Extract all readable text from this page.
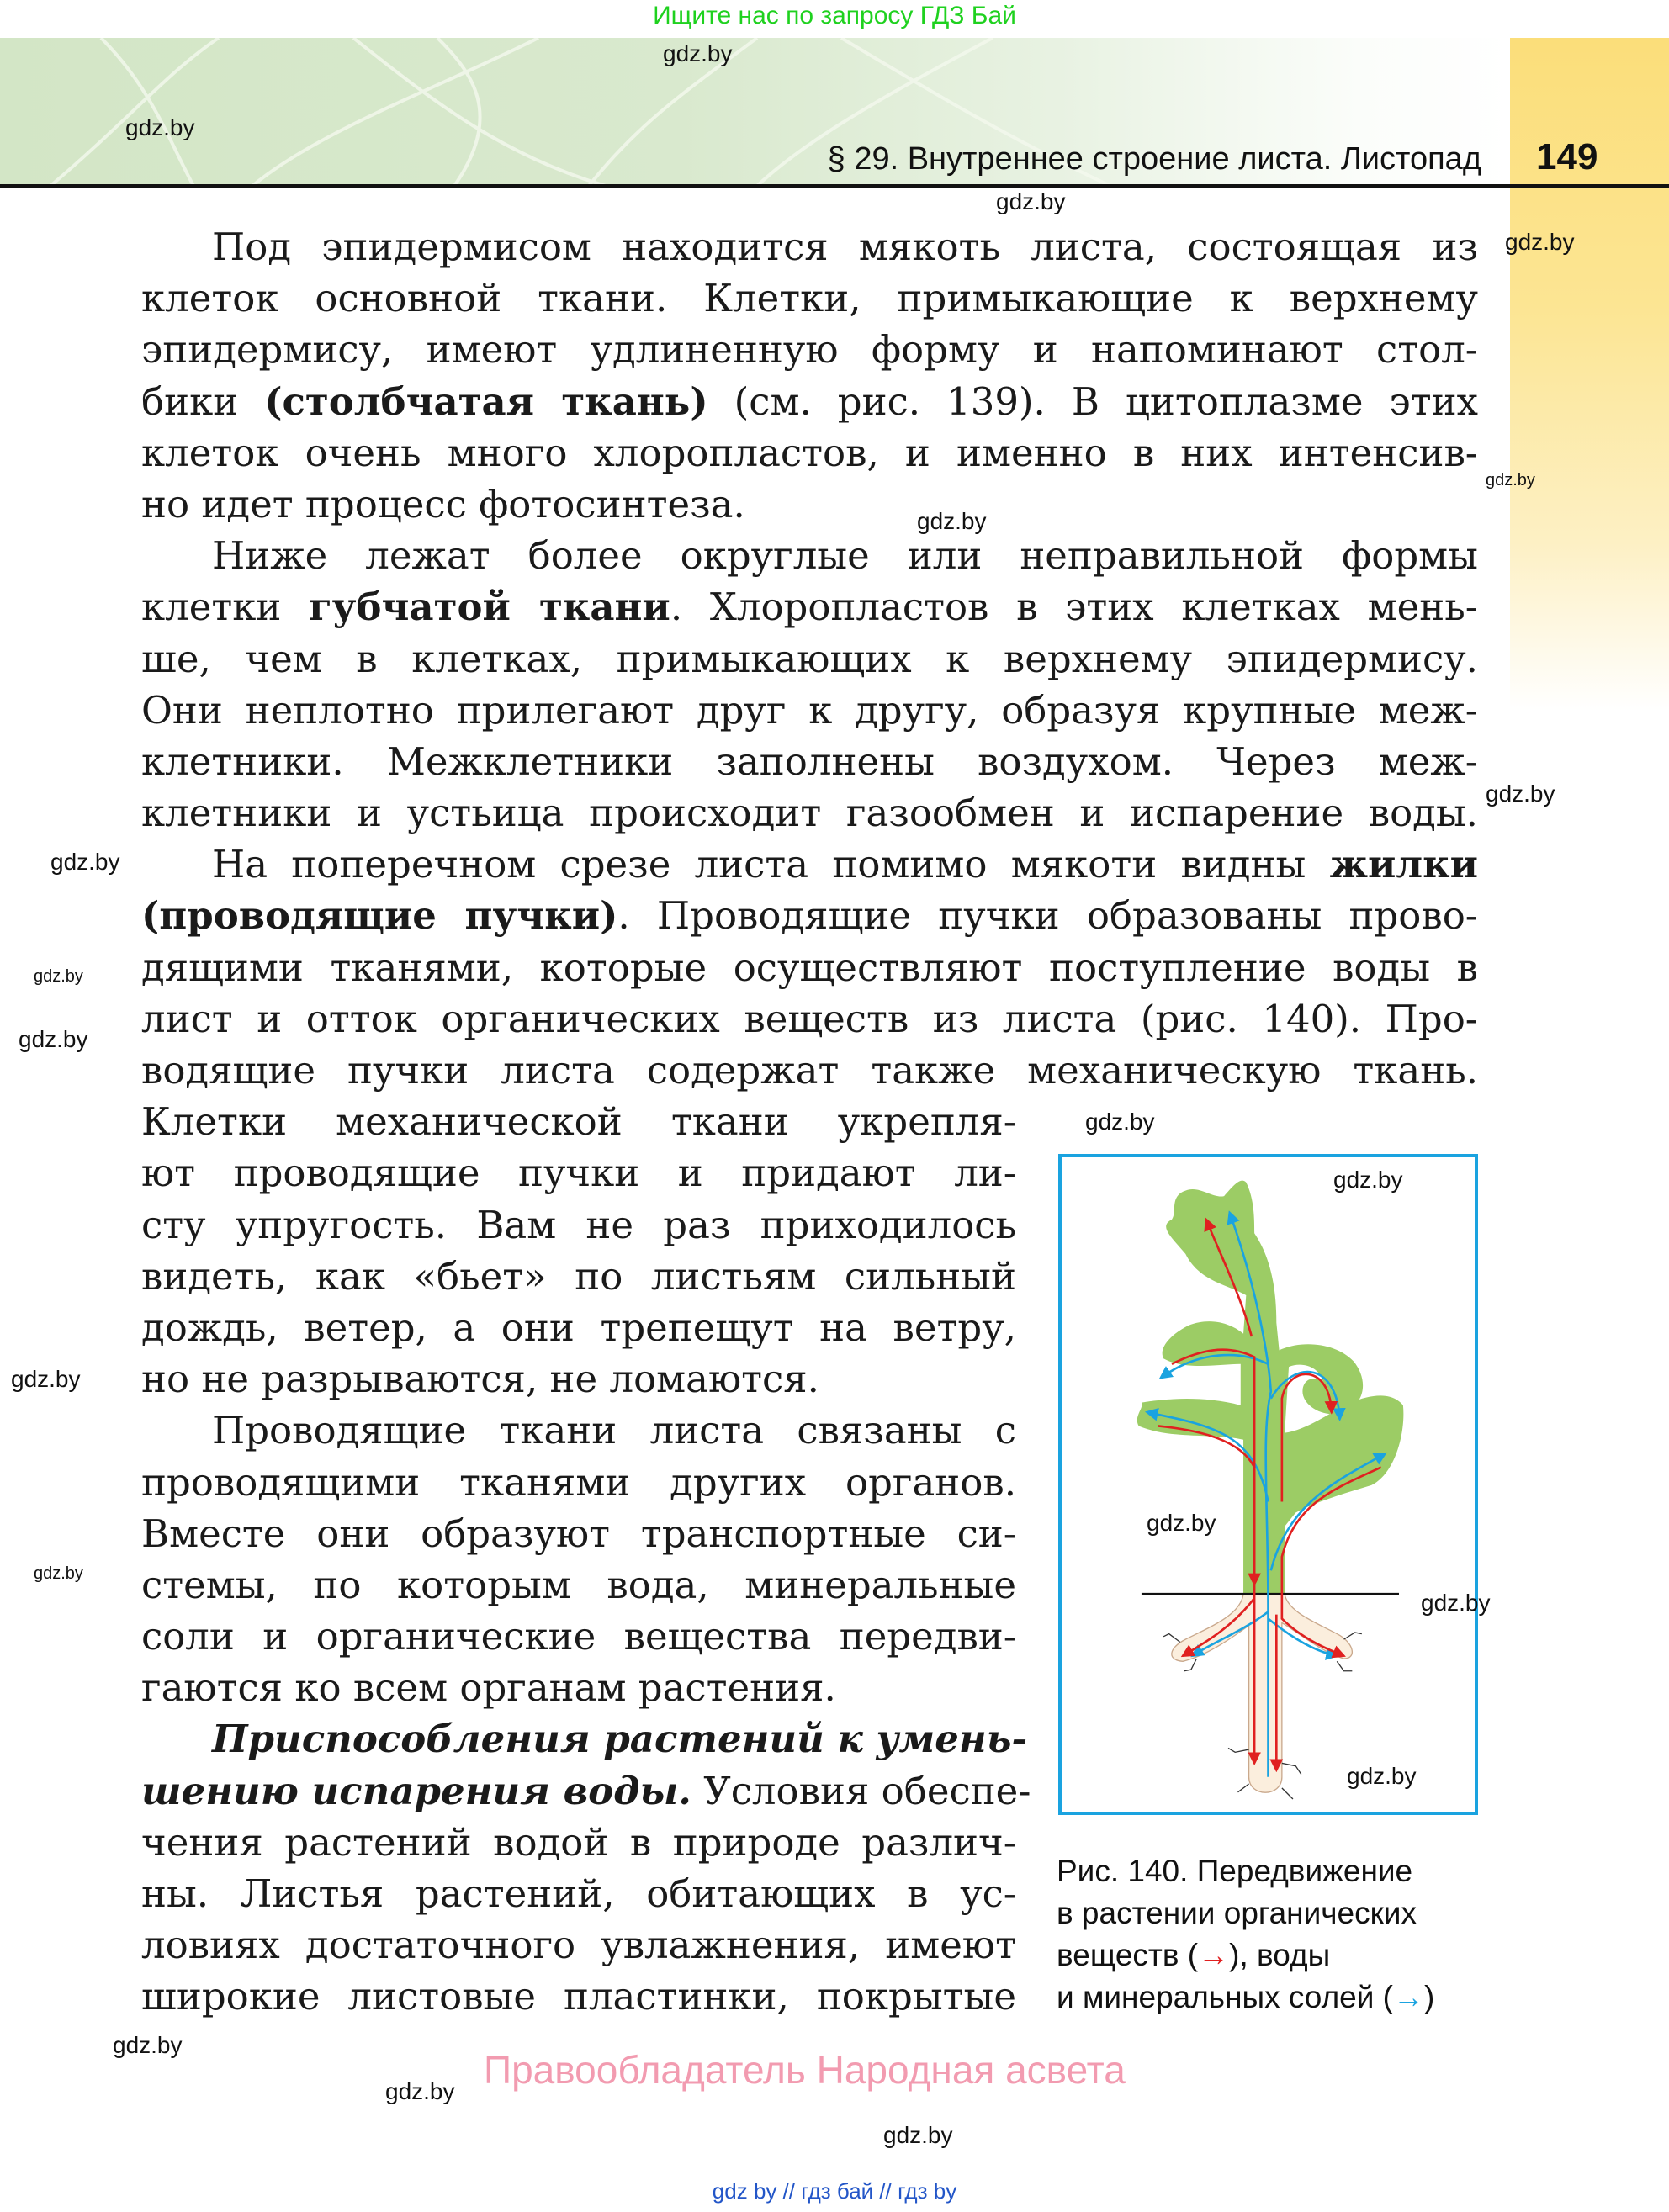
Ищите нас по запросу ГДЗ Бай
§ 29. Внутреннее строение листа. Листопад 149
Под эпидермисом находится мякоть листа, состоящая из
клеток основной ткани. Клетки, примыкающие к верхнему
эпидермису, имеют удлиненную форму и напоминают стол-
бики (столбчатая ткань) (см. рис. 139). В цитоплазме этих
клеток очень много хлоропластов, и именно в них интенсив-
но идет процесс фотосинтеза.
Ниже лежат более округлые или неправильной формы
клетки губчатой ткани. Хлоропластов в этих клетках мень-
ше, чем в клетках, примыкающих к верхнему эпидермису.
Они неплотно прилегают друг к другу, образуя крупные меж-
клетники. Межклетники заполнены воздухом. Через меж-
клетники и устьица происходит газообмен и испарение воды.
На поперечном срезе листа помимо мякоти видны жилки
(проводящие пучки). Проводящие пучки образованы прово-
дящими тканями, которые осуществляют поступление воды в
лист и отток органических веществ из листа (рис. 140). Про-
водящие пучки листа содержат также механическую ткань.
Клетки механической ткани укрепля-
ют проводящие пучки и придают ли-
сту упругость. Вам не раз приходилось
видеть, как «бьет» по листьям сильный
дождь, ветер, а они трепещут на ветру,
но не разрываются, не ломаются.
Проводящие ткани листа связаны с
проводящими тканями других органов.
Вместе они образуют транспортные си-
стемы, по которым вода, минеральные
соли и органические вещества передви-
гаются ко всем органам растения.
Приспособления растений к умень-
шению испарения воды. Условия обеспе-
чения растений водой в природе различ-
ны. Листья растений, обитающих в ус-
ловиях достаточного увлажнения, имеют
широкие листовые пластинки, покрытые
Рис. 140. Передвижение
в растении органических
веществ (→), воды
и минеральных солей (→)
Правообладатель Народная асвета
gdz by // гдз бай // гдз by
gdz.by
gdz.by
gdz.by
gdz.by
gdz.by
gdz.by
gdz.by
gdz.by
gdz.by
gdz.by
gdz.by
gdz.by
gdz.by
gdz.by
gdz.by
gdz.by
gdz.by
gdz.by
gdz.by
gdz.by
